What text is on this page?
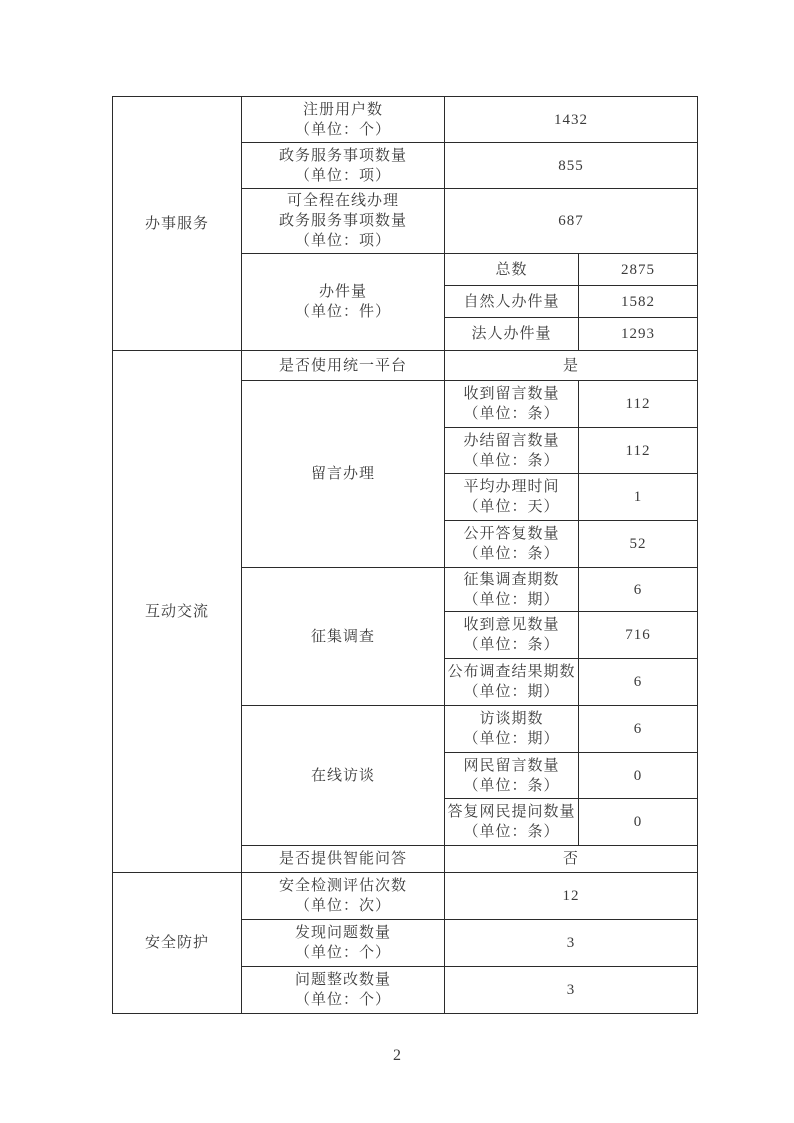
办事服务	注册用户数
（单位：个）	1432	

	政务服务事项数量
（单位：项）	855	

	可全程在线办理
政务服务事项数量
（单位：项）	687	

	办件量
（单位：件）	总数	2875
		自然人办件量	1582
		法人办件量	1293

互动交流	是否使用统一平台	是	

	留言办理	收到留言数量
（单位：条）	112

		办结留言数量
（单位：条）	112

		平均办理时间
（单位：天）	1

		公开答复数量
（单位：条）	52

	征集调查	征集调查期数
（单位：期）	6

		收到意见数量
（单位：条）	716

		公布调查结果期数
（单位：期）	6

	在线访谈	访谈期数
（单位：期）	6

		网民留言数量
（单位：条）	0

		答复网民提问数量
（单位：条）	0

	是否提供智能问答	否	

安全防护	安全检测评估次数
（单位：次）	12	

	发现问题数量
（单位：个）	3	

	问题整改数量
（单位：个）	3	
2
